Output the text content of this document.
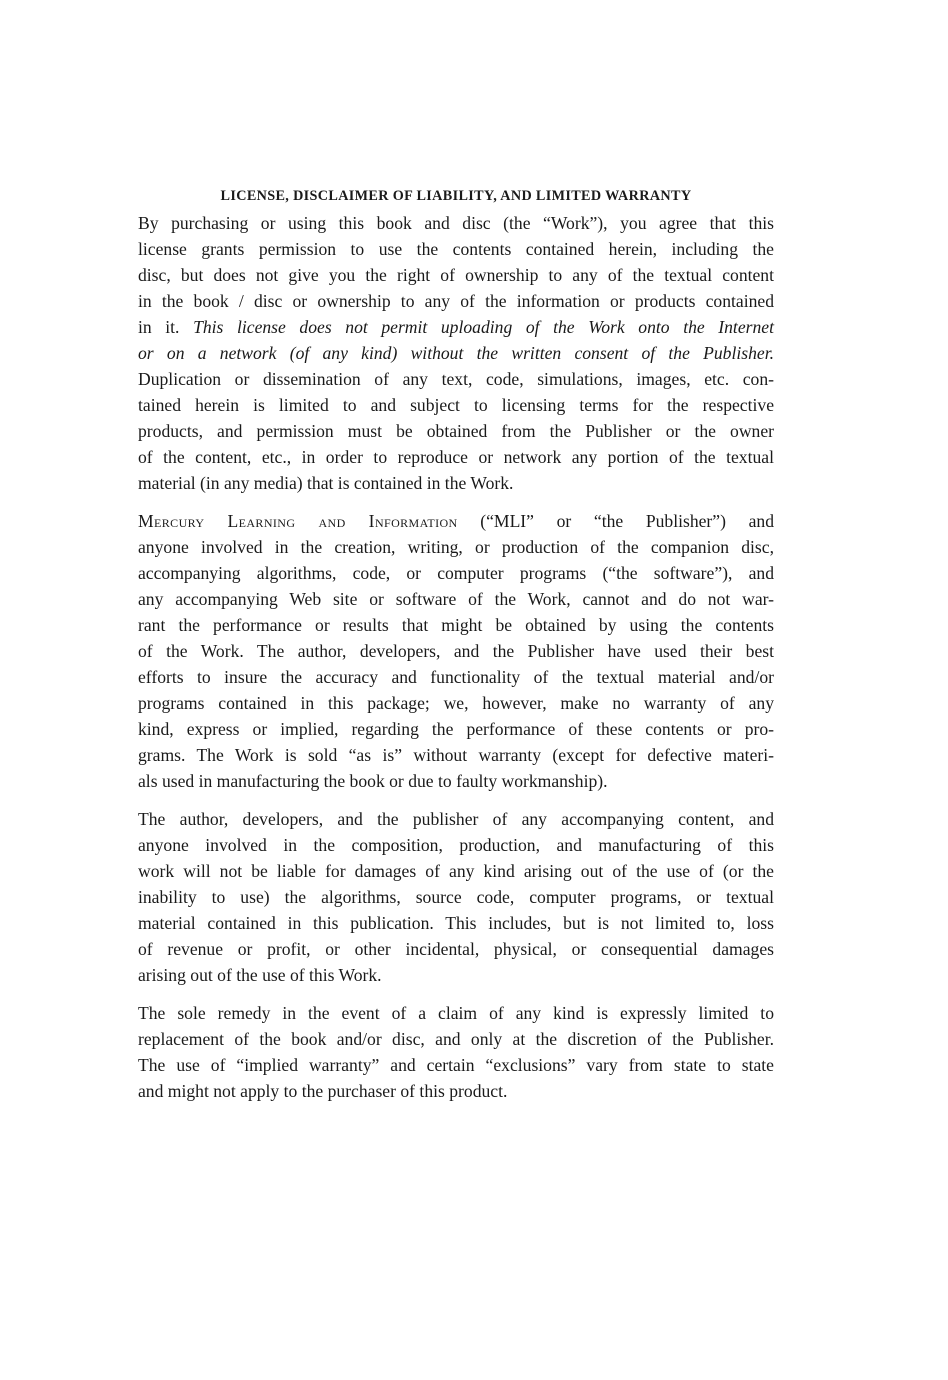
LICENSE, DISCLAIMER OF LIABILITY, AND LIMITED WARRANTY
By purchasing or using this book and disc (the “Work”), you agree that this
license grants permission to use the contents contained herein, including the
disc, but does not give you the right of ownership to any of the textual content
in the book / disc or ownership to any of the information or products contained
in it. This license does not permit uploading of the Work onto the Internet
or on a network (of any kind) without the written consent of the Publisher.
Duplication or dissemination of any text, code, simulations, images, etc. con-
tained herein is limited to and subject to licensing terms for the respective
products, and permission must be obtained from the Publisher or the owner
of the content, etc., in order to reproduce or network any portion of the textual
material (in any media) that is contained in the Work.
Mercury Learning and Information (“MLI” or “the Publisher”) and
anyone involved in the creation, writing, or production of the companion disc,
accompanying algorithms, code, or computer programs (“the software”), and
any accompanying Web site or software of the Work, cannot and do not war-
rant the performance or results that might be obtained by using the contents
of the Work. The author, developers, and the Publisher have used their best
efforts to insure the accuracy and functionality of the textual material and/or
programs contained in this package; we, however, make no warranty of any
kind, express or implied, regarding the performance of these contents or pro-
grams. The Work is sold “as is” without warranty (except for defective materi-
als used in manufacturing the book or due to faulty workmanship).
The author, developers, and the publisher of any accompanying content, and
anyone involved in the composition, production, and manufacturing of this
work will not be liable for damages of any kind arising out of the use of (or the
inability to use) the algorithms, source code, computer programs, or textual
material contained in this publication. This includes, but is not limited to, loss
of revenue or profit, or other incidental, physical, or consequential damages
arising out of the use of this Work.
The sole remedy in the event of a claim of any kind is expressly limited to
replacement of the book and/or disc, and only at the discretion of the Publisher.
The use of “implied warranty” and certain “exclusions” vary from state to state
and might not apply to the purchaser of this product.
